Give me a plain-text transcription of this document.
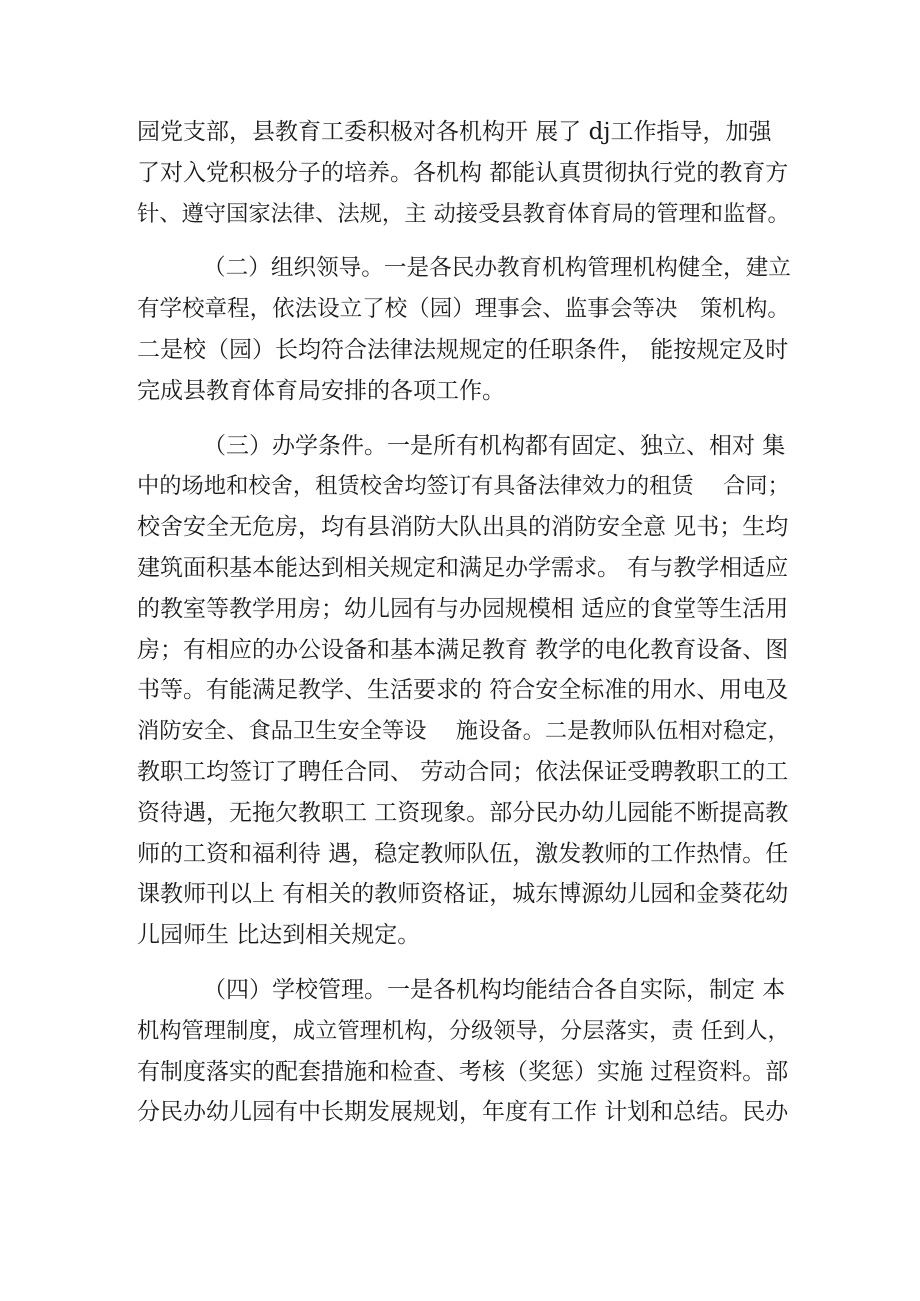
园党支部，县教育工委积极对各机构开 展了 dj工作指导，加强
了对入党积极分子的培养。各机构 都能认真贯彻执行党的教育方
针、遵守国家法律、法规，主 动接受县教育体育局的管理和监督。
（二）组织领导。一是各民办教育机构管理机构健全，建立
有学校章程，依法设立了校（园）理事会、监事会等决　策机构。
二是校（园）长均符合法律法规规定的任职条件， 能按规定及时
完成县教育体育局安排的各项工作。
（三）办学条件。一是所有机构都有固定、独立、相对 集
中的场地和校舍，租赁校舍均签订有具备法律效力的租赁　 合同；
校舍安全无危房，均有县消防大队出具的消防安全意 见书；生均
建筑面积基本能达到相关规定和满足办学需求。 有与教学相适应
的教室等教学用房；幼儿园有与办园规模相 适应的食堂等生活用
房；有相应的办公设备和基本满足教育 教学的电化教育设备、图
书等。有能满足教学、生活要求的 符合安全标准的用水、用电及
消防安全、食品卫生安全等设　 施设备。二是教师队伍相对稳定，
教职工均签订了聘任合同、 劳动合同；依法保证受聘教职工的工
资待遇，无拖欠教职工 工资现象。部分民办幼儿园能不断提高教
师的工资和福利待 遇，稳定教师队伍，激发教师的工作热情。任
课教师刊以上 有相关的教师资格证，城东博源幼儿园和金葵花幼
儿园师生 比达到相关规定。
（四）学校管理。一是各机构均能结合各自实际，制定 本
机构管理制度，成立管理机构，分级领导，分层落实，责 任到人，
有制度落实的配套措施和检查、考核（奖惩）实施 过程资料。部
分民办幼儿园有中长期发展规划，年度有工作 计划和总结。民办
